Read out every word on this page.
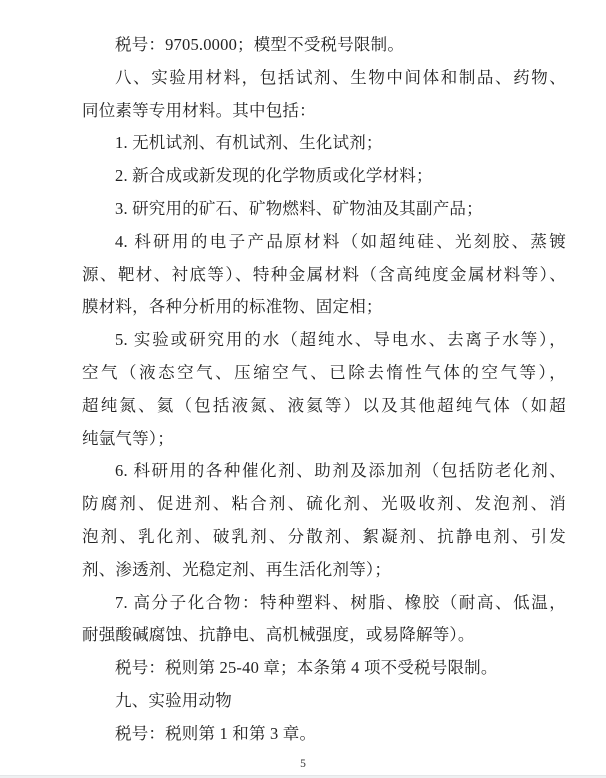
税号：9705.0000；模型不受税号限制。
八、实验用材料，包括试剂、生物中间体和制品、药物、
同位素等专用材料。其中包括：
1. 无机试剂、有机试剂、生化试剂；
2. 新合成或新发现的化学物质或化学材料；
3. 研究用的矿石、矿物燃料、矿物油及其副产品；
4. 科研用的电子产品原材料（如超纯硅、光刻胶、蒸镀
源、靶材、衬底等）、特种金属材料（含高纯度金属材料等）、
膜材料，各种分析用的标准物、固定相；
5. 实验或研究用的水（超纯水、导电水、去离子水等），
空气（液态空气、压缩空气、已除去惰性气体的空气等），
超纯氮、氦（包括液氮、液氦等）以及其他超纯气体（如超
纯氩气等）；
6. 科研用的各种催化剂、助剂及添加剂（包括防老化剂、
防腐剂、促进剂、粘合剂、硫化剂、光吸收剂、发泡剂、消
泡剂、乳化剂、破乳剂、分散剂、絮凝剂、抗静电剂、引发
剂、渗透剂、光稳定剂、再生活化剂等）；
7. 高分子化合物：特种塑料、树脂、橡胶（耐高、低温，
耐强酸碱腐蚀、抗静电、高机械强度，或易降解等）。
税号：税则第 25-40 章；本条第 4 项不受税号限制。
九、实验用动物
税号：税则第 1 和第 3 章。
5
